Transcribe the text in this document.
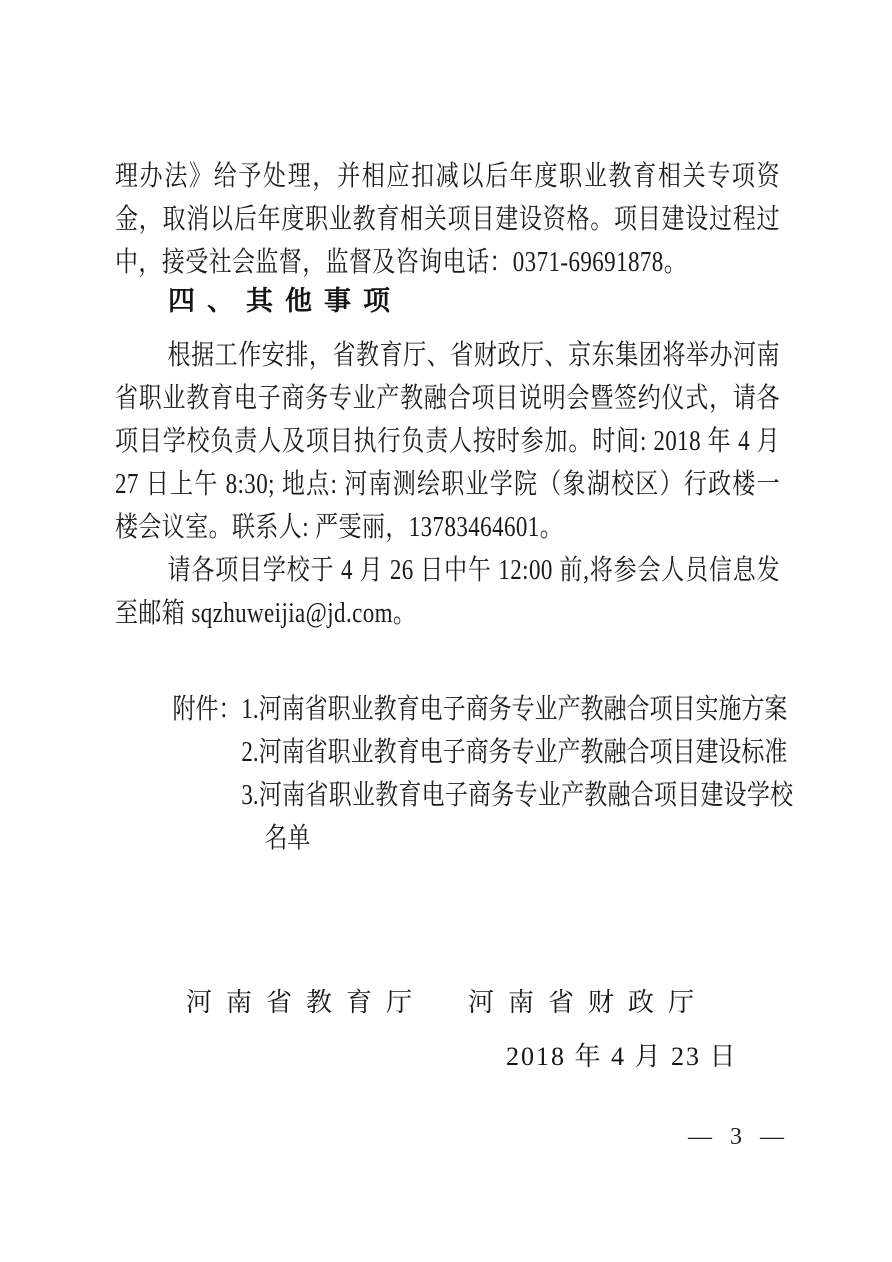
理办法》给予处理，并相应扣减以后年度职业教育相关专项资金，取消以后年度职业教育相关项目建设资格。项目建设过程过中，接受社会监督，监督及咨询电话：0371-69691878。
四、其他事项
根据工作安排，省教育厅、省财政厅、京东集团将举办河南省职业教育电子商务专业产教融合项目说明会暨签约仪式，请各项目学校负责人及项目执行负责人按时参加。时间: 2018 年 4 月 27 日上午 8:30; 地点: 河南测绘职业学院（象湖校区）行政楼一楼会议室。联系人: 严雯丽，13783464601。
请各项目学校于 4 月 26 日中午 12:00 前,将参会人员信息发至邮箱 sqzhuweijia@jd.com。
附件： 1.河南省职业教育电子商务专业产教融合项目实施方案
2.河南省职业教育电子商务专业产教融合项目建设标准
3.河南省职业教育电子商务专业产教融合项目建设学校名单
河南省教育厅 河南省财政厅
2018 年 4 月 23 日
— 3 —
